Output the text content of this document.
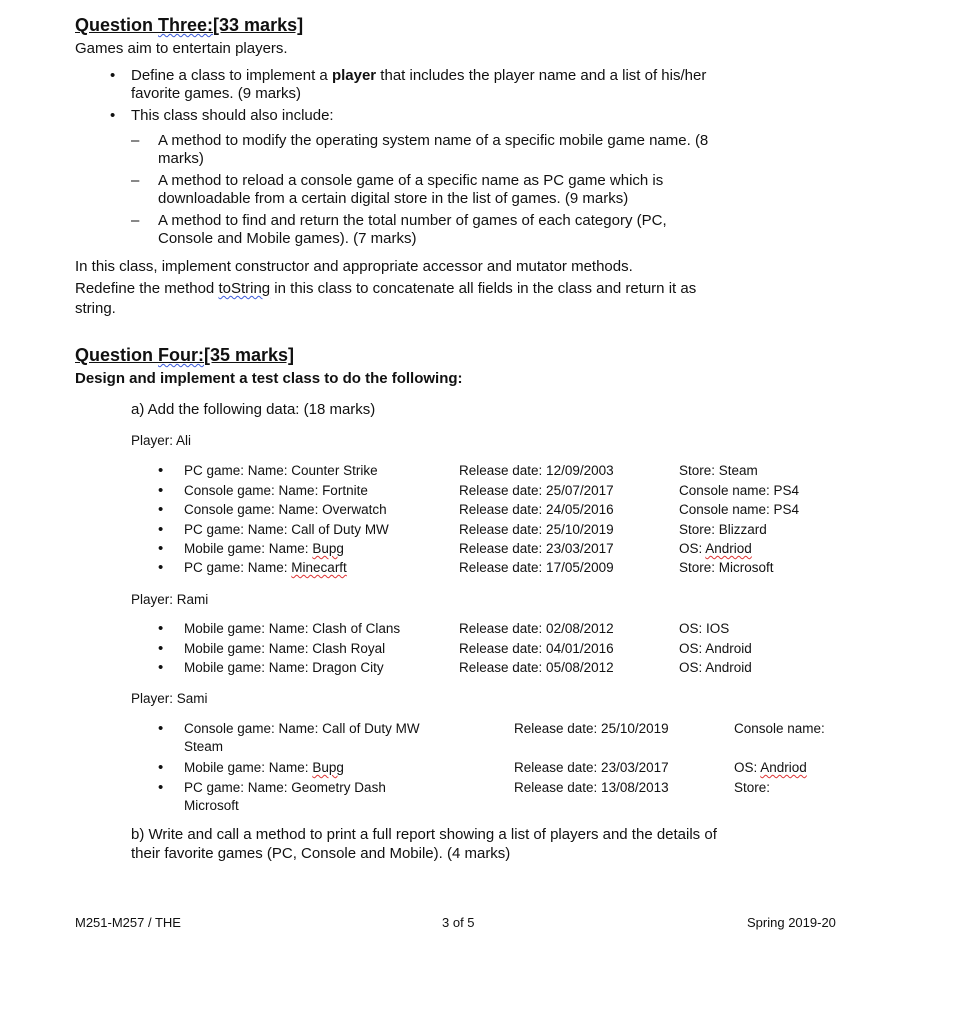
Question Three:[33 marks]

Games aim to entertain players.

• Define a class to implement a player that includes the player name and a list of his/her

favorite games. (9 marks)

• This class should also include:

– A method to modify the operating system name of a specific mobile game name. (8

marks)

– A method to reload a console game of a specific name as PC game which is

downloadable from a certain digital store in the list of games. (9 marks)

– A method to find and return the total number of games of each category (PC,

Console and Mobile games). (7 marks)

In this class, implement constructor and appropriate accessor and mutator methods.

Redefine the method toString in this class to concatenate all fields in the class and return it as

string.

Question Four:[35 marks]

Design and implement a test class to do the following:

a) Add the following data: (18 marks)

Player: Ali

• PC game: Name: Counter Strike	Release date: 12/09/2003	Store: Steam
• Console game: Name: Fortnite	Release date: 25/07/2017	Console name: PS4
• Console game: Name: Overwatch	Release date: 24/05/2016	Console name: PS4
• PC game: Name: Call of Duty MW	Release date: 25/10/2019	Store: Blizzard
• Mobile game: Name: Bupg	Release date: 23/03/2017	OS: Andriod
• PC game: Name: Minecarft	Release date: 17/05/2009	Store: Microsoft

Player: Rami

• Mobile game: Name: Clash of Clans	Release date: 02/08/2012	OS: IOS
• Mobile game: Name: Clash Royal	Release date: 04/01/2016	OS: Android
• Mobile game: Name: Dragon City	Release date: 05/08/2012	OS: Android

Player: Sami

• Console game: Name: Call of Duty MW
Steam
Release date: 25/10/2019	Console name:
• Mobile game: Name: Bupg	Release date: 23/03/2017	OS: Andriod
• PC game: Name: Geometry Dash
Microsoft
Release date: 13/08/2013	Store:

b) Write and call a method to print a full report showing a list of players and the details of

their favorite games (PC, Console and Mobile). (4 marks)

M251-M257 / THE	3 of 5	Spring 2019-20
